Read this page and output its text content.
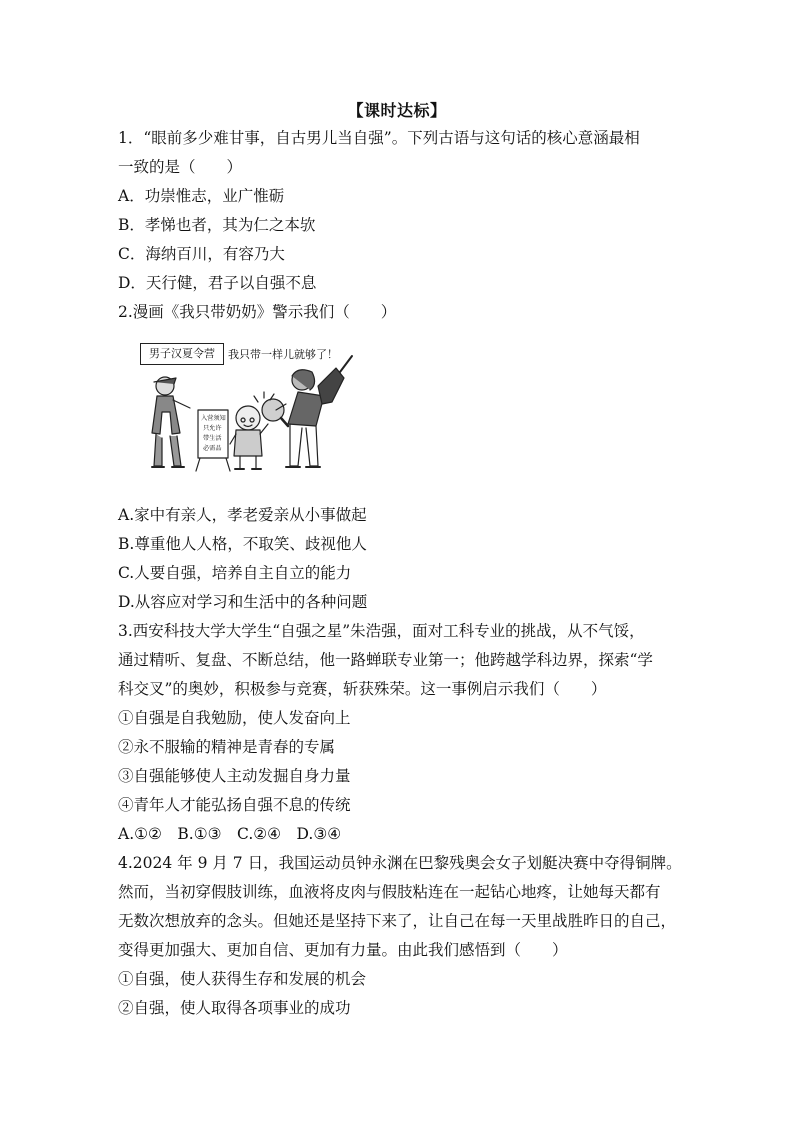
【课时达标】
1．“眼前多少难甘事，自古男儿当自强”。下列古语与这句话的核心意涵最相
一致的是（　　）
A．功崇惟志，业广惟砺
B．孝悌也者，其为仁之本欤
C．海纳百川，有容乃大
D．天行健，君子以自强不息
2.漫画《我只带奶奶》警示我们（　　）
入营须知
只允许
带生活
必需品
男子汉夏令营	我只带一样儿就够了！
A.家中有亲人，孝老爱亲从小事做起
B.尊重他人人格，不取笑、歧视他人
C.人要自强，培养自主自立的能力
D.从容应对学习和生活中的各种问题
3.西安科技大学大学生“自强之星”朱浩强，面对工科专业的挑战，从不气馁，
通过精听、复盘、不断总结，他一路蝉联专业第一；他跨越学科边界，探索“学
科交叉”的奥妙，积极参与竞赛，斩获殊荣。这一事例启示我们（　　）
①自强是自我勉励，使人发奋向上
②永不服输的精神是青春的专属
③自强能够使人主动发掘自身力量
④青年人才能弘扬自强不息的传统
A.①②　B.①③　C.②④　D.③④
4.2024 年 9 月 7 日，我国运动员钟永渊在巴黎残奥会女子划艇决赛中夺得铜牌。
然而，当初穿假肢训练，血液将皮肉与假肢粘连在一起钻心地疼，让她每天都有
无数次想放弃的念头。但她还是坚持下来了，让自己在每一天里战胜昨日的自己，
变得更加强大、更加自信、更加有力量。由此我们感悟到（　　）
①自强，使人获得生存和发展的机会
②自强，使人取得各项事业的成功
